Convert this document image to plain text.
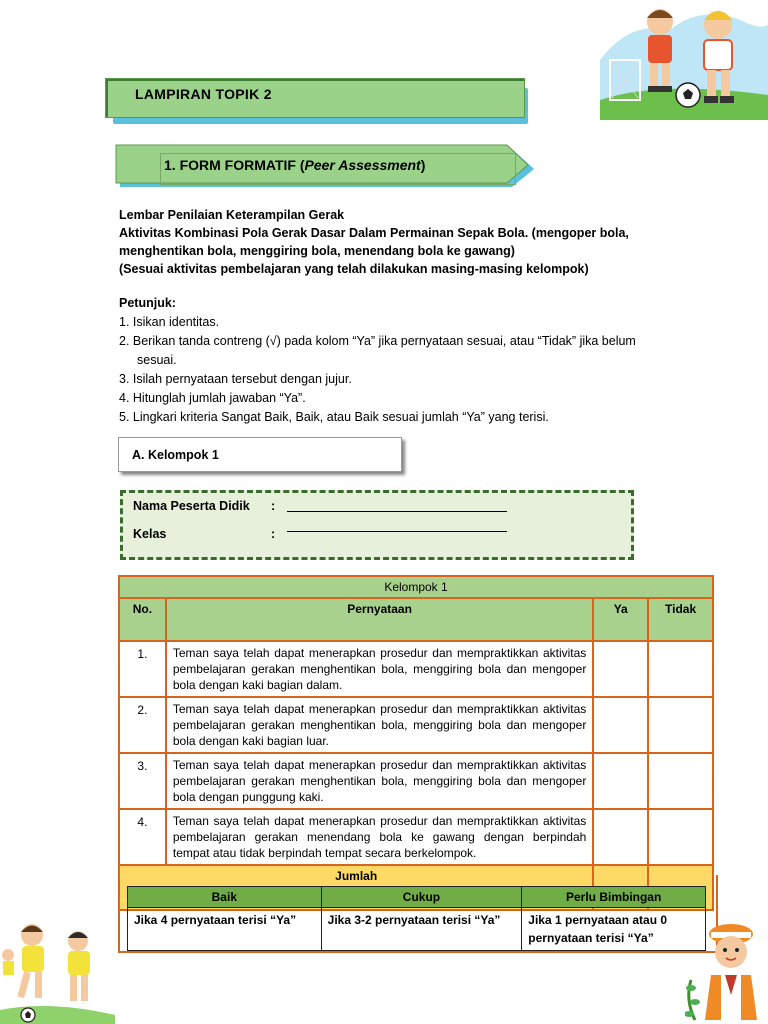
LAMPIRAN TOPIK 2
1. FORM FORMATIF (Peer Assessment)

Lembar Penilaian Keterampilan Gerak

Aktivitas Kombinasi Pola Gerak Dasar Dalam Permainan Sepak Bola. (mengoper bola,

menghentikan bola, menggiring bola, menendang bola ke gawang)

(Sesuai aktivitas pembelajaran yang telah dilakukan masing-masing kelompok)

Petunjuk:

1. Isikan identitas.

2. Berikan tanda contreng (√) pada kolom “Ya” jika pernyataan sesuai, atau “Tidak” jika belum

sesuai.

3. Isilah pernyataan tersebut dengan jujur.

4. Hitunglah jumlah jawaban “Ya”.

5. Lingkari kriteria Sangat Baik, Baik, atau Baik sesuai jumlah “Ya” yang terisi.

A. Kelompok 1
Nama Peserta Didik :
Kelas	:
Kelompok 1			
No.	Pernyataan	Ya	Tidak
1.	Teman saya telah dapat menerapkan prosedur dan mempraktikkan aktivitas pembelajaran gerakan menghentikan bola, menggiring bola dan mengoper bola dengan kaki bagian dalam.		
2.	Teman saya telah dapat menerapkan prosedur dan mempraktikkan aktivitas pembelajaran gerakan menghentikan bola, menggiring bola dan mengoper bola dengan kaki bagian luar.		
3.	Teman saya telah dapat menerapkan prosedur dan mempraktikkan aktivitas pembelajaran gerakan menghentikan bola, menggiring bola dan mengoper bola dengan punggung kaki.		
4.	Teman saya telah dapat menerapkan prosedur dan mempraktikkan aktivitas pembelajaran gerakan menendang bola ke gawang dengan berpindah tempat atau tidak berpindah tempat secara berkelompok.		
Jumlah			
Baik	Cukup	Perlu Bimbingan
Jika 4 pernyataan terisi “Ya”	Jika 3-2 pernyataan terisi “Ya”	Jika 1 pernyataan atau 0 pernyataan terisi “Ya”
